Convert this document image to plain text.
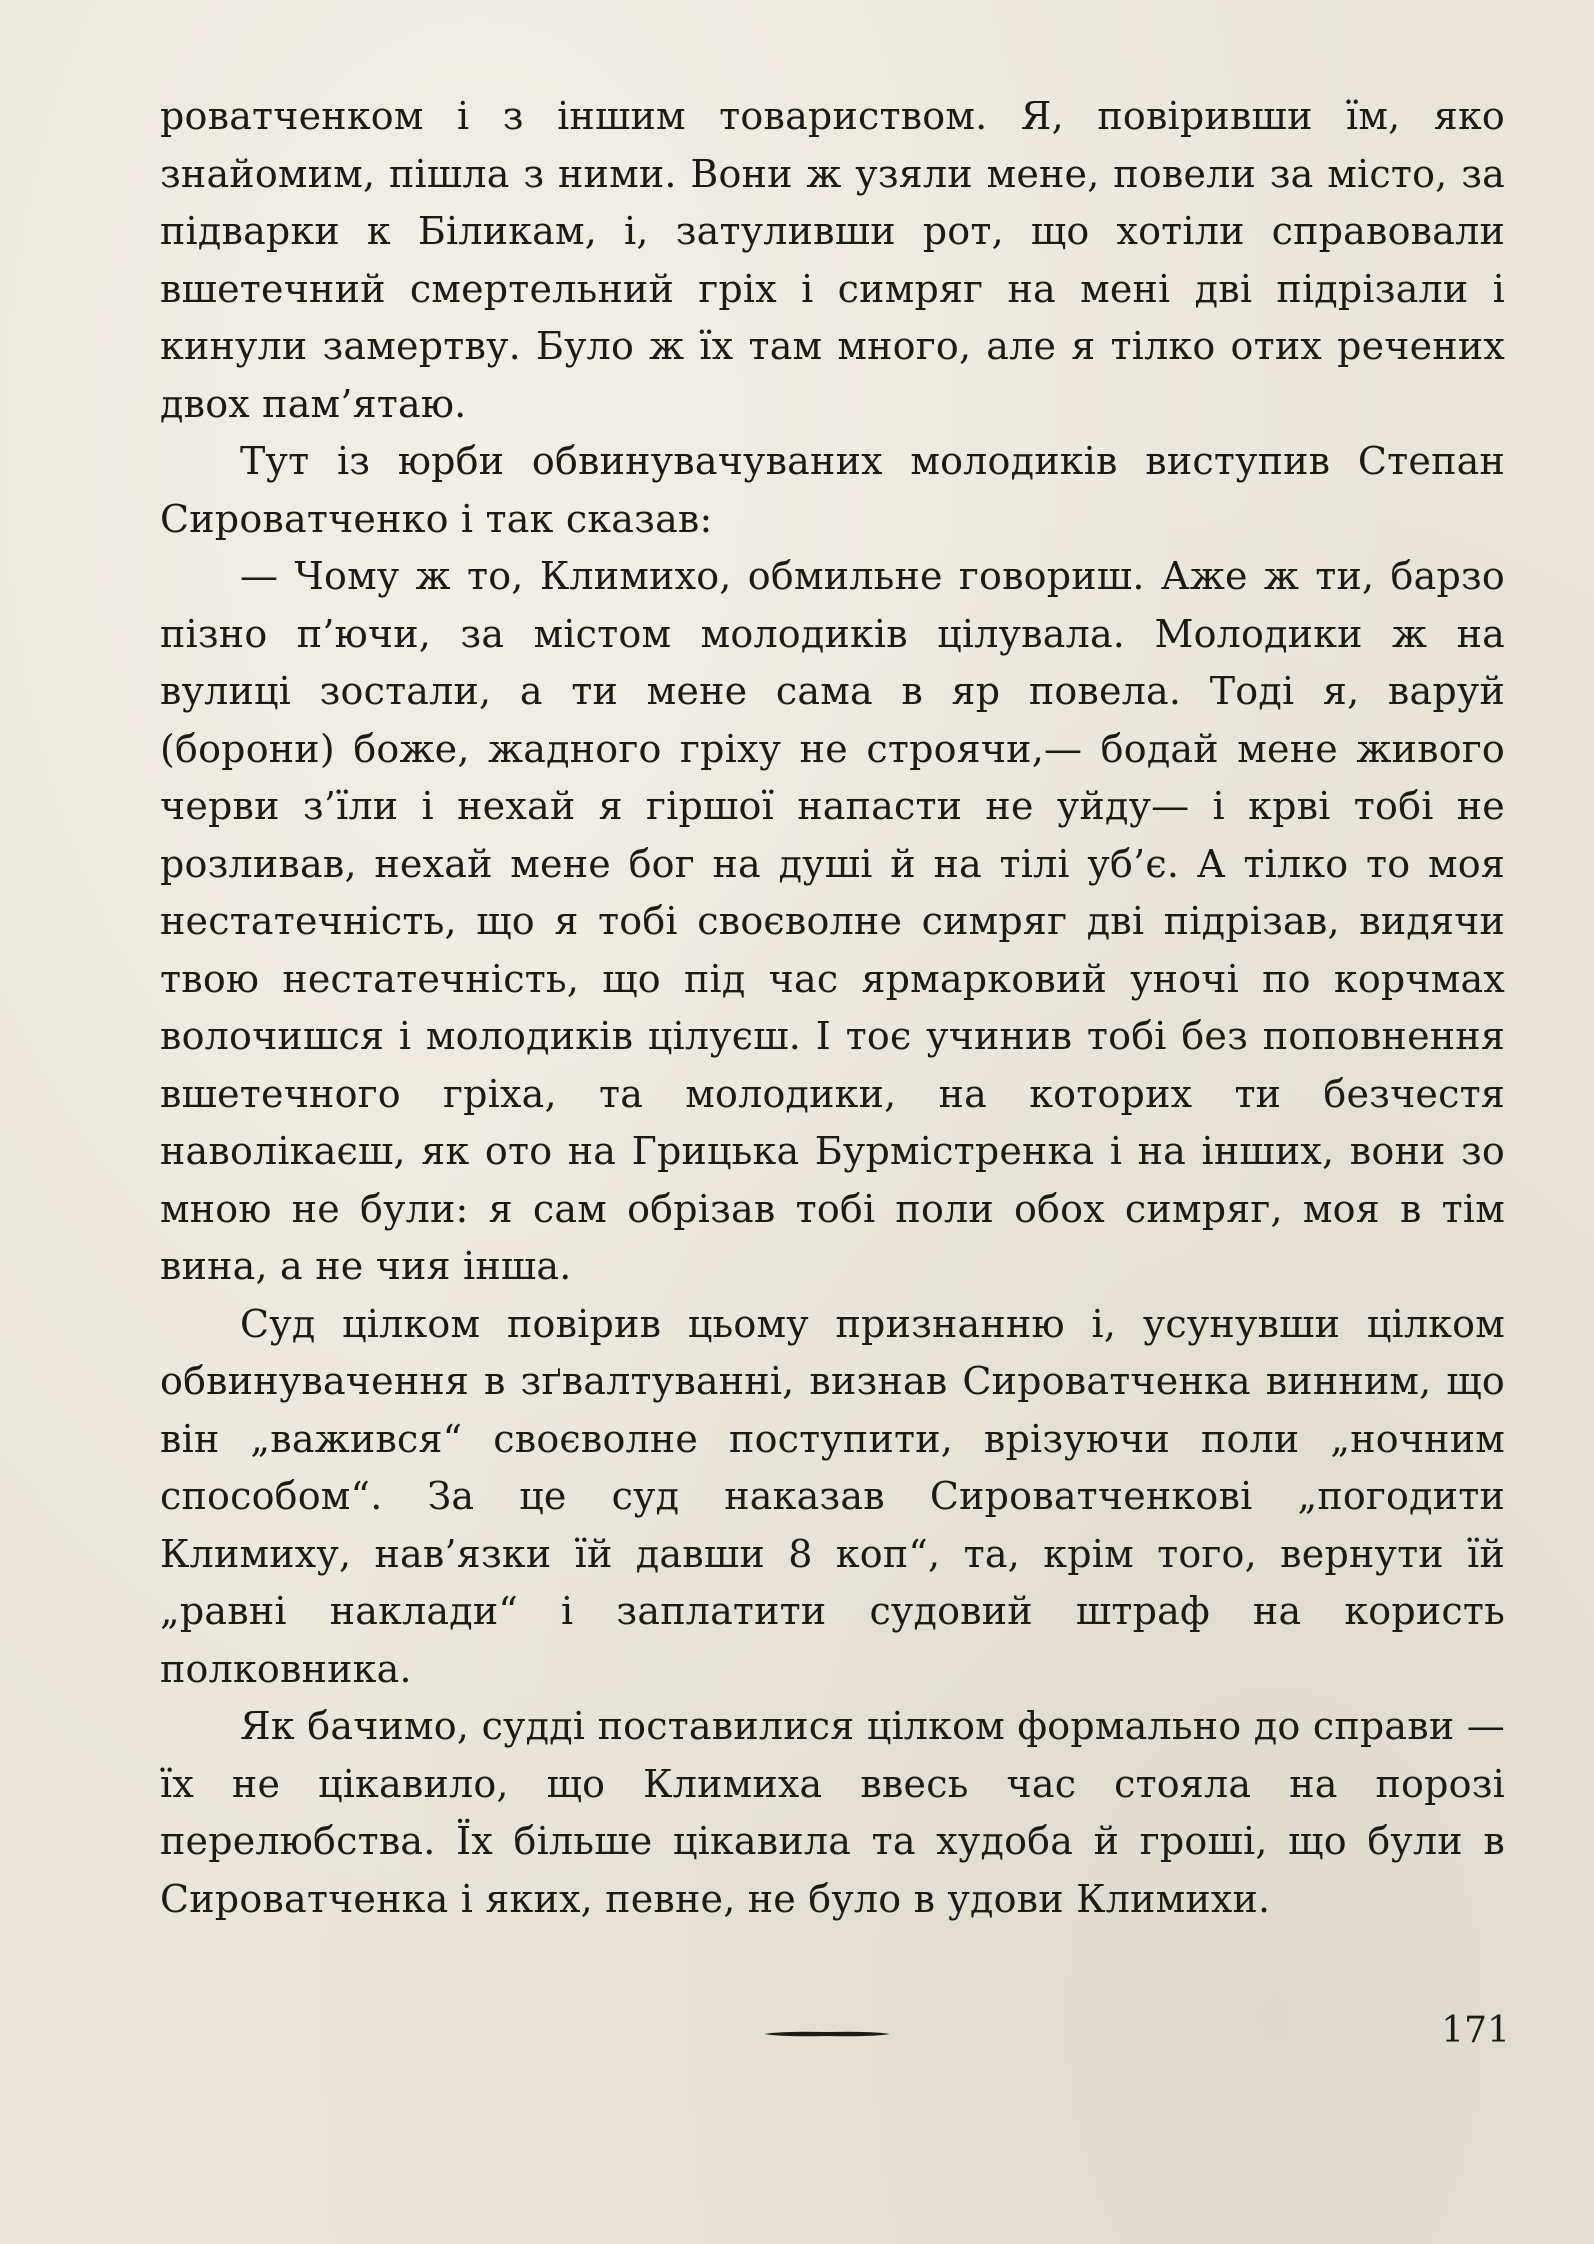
роватченком і з іншим товариством. Я, повіривши їм, яко знайомим, пішла з ними. Вони ж узяли мене, повели за місто, за підварки к Біликам, і, затуливши рот, що хотіли справовали вшетечний смертельний гріх і симряг на мені дві підрізали і кинули замертву. Було ж їх там много, але я тілко отих речених двох пам’ятаю.

Тут із юрби обвинувачуваних молодиків виступив Степан Сироватченко і так сказав:

— Чому ж то, Климихо, обмильне говориш. Аже ж ти, барзо пізно п’ючи, за містом молодиків цілувала. Молодики ж на вулиці зостали, а ти мене сама в яр повела. Тоді я, варуй (борони) боже, жадного гріху не строячи,— бодай мене живого черви з’їли і нехай я гіршої напасти не уйду— і крві тобі не розливав, нехай мене бог на душі й на тілі уб’є. А тілко то моя нестатечність, що я тобі своєволне симряг дві підрізав, видячи твою нестатечність, що під час ярмарковий уночі по корчмах волочишся і молодиків цілуєш. І тоє учинив тобі без поповнення вшетечного гріха, та молодики, на которих ти безчестя наволікаєш, як ото на Грицька Бурмістренка і на інших, вони зо мною не були: я сам обрізав тобі поли обох симряг, моя в тім вина, а не чия інша.

Суд цілком повірив цьому признанню і, усунувши цілком обвинувачення в зґвалтуванні, визнав Сироватченка винним, що він „важився“ своєволне поступити, врізуючи поли „ночним способом“. За це суд наказав Сироватченкові „погодити Климиху, нав’язки їй давши 8 коп“, та, крім того, вернути їй „равні наклади“ і заплатити судовий штраф на користь полковника.

Як бачимо, судді поставилися цілком формально до справи — їх не цікавило, що Климиха ввесь час стояла на порозі перелюбства. Їх більше цікавила та худоба й гроші, що були в Сироватченка і яких, певне, не було в удови Климихи.

171
